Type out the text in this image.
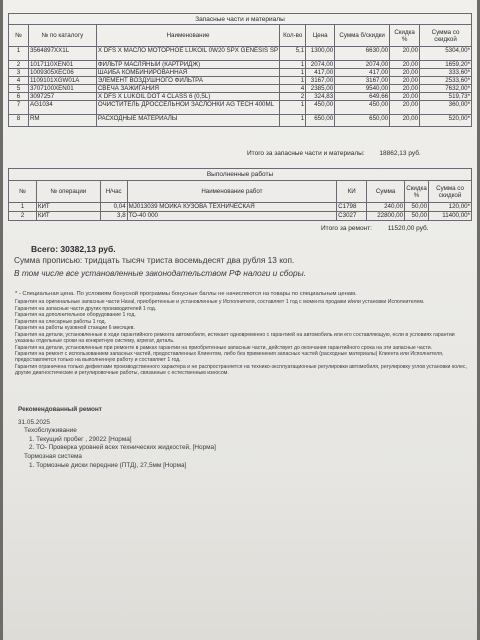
Запасные части и материалы							
№	№ по каталогу	Наименование	Кол-во	Цена	Сумма б/скидки	Скидка %	Сумма со скидкой
1	3564897XX1L	X DFS X МАСЛО МОТОРНОЕ LUKOIL 0W20 SPX GENESIS SP	5,1	1300,00	6630,00	20,00	5304,00*
2	1017110XEN01	ФИЛЬТР МАСЛЯНЫЙ (КАРТРИДЖ)	1	2074,00	2074,00	20,00	1659,20*
3	1009305XEC06	ШАЙБА КОМБИНИРОВАННАЯ	1	417,00	417,00	20,00	333,60*
4	1109101XGW01A	ЭЛЕМЕНТ ВОЗДУШНОГО ФИЛЬТРА	1	3167,00	3167,00	20,00	2533,60*
5	3707100XEN01	СВЕЧА ЗАЖИГАНИЯ	4	2385,00	9540,00	20,00	7632,00*
6	3097257	X DFS X LUKOIL DOT 4 CLASS 6 (0,5L)	2	324,83	649,66	20,00	519,73*
7	AG1034	ОЧИСТИТЕЛЬ ДРОССЕЛЬНОЙ ЗАСЛОНКИ AG TECH 400ML	1	450,00	450,00	20,00	360,00*
8	RM	РАСХОДНЫЕ МАТЕРИАЛЫ	1	650,00	650,00	20,00	520,00*
Итого за запасные части и материалы: 18862,13 руб.
Выполненные работы							
№	№ операции	Н/час	Наименование работ	КИ	Сумма	Скидка %	Сумма со скидкой
1	КИТ	0,04	MJ013039 МОЙКА КУЗОВА ТЕХНИЧЕСКАЯ	C1798	240,00	50,00	120,00*
2	КИТ	3,8	ТО-40 000	C3027	22800,00	50,00	11400,00*
Итого за ремонт: 11520,00 руб.
Всего: 30382,13 руб.
Сумма прописью: тридцать тысяч триста восемьдесят два рубля 13 коп.
В том числе все установленные законодательством РФ налоги и сборы.

* - Специальная цена. По условиям бонусной программы бонусные баллы не начисляются на товары по специальным ценам.

Гарантия на оригинальные запасные части Haval, приобретенные и установленные у Исполнителя, составляет 1 год с момента продажи и/или установки Исполнителем.

Гарантия на запасные части других производителей 1 год.

Гарантия на дополнительное оборудование 1 год.

Гарантия на слесарные работы 1 год.

Гарантия на работы кузовной станции 6 месяцев.

Гарантия на детали, установленные в ходе гарантийного ремонта автомобиля, истекает одновременно с гарантией на автомобиль или его составляющую, если в условиях гарантии указаны отдельные сроки на конкретную систему, агрегат, деталь.

Гарантия на детали, установленные при ремонте в рамках гарантии на приобретенные запасные части, действует до окончания гарантийного срока на эти запасные части.

Гарантия на ремонт с использованием запасных частей, предоставленных Клиентом, либо без применения запасных частей (расходные материалы) Клиента или Исполнителя, предоставляется только на выполненную работу и составляет 1 год.

Гарантия ограничена только дефектами производственного характера и не распространяется на технико-эксплуатационные регулировки автомобиля, регулировку углов установки колес, другие диагностические и регулировочные работы, связанные с естественным износом.

Рекомендованный ремонт
31.05.2025
Техобслуживание
1. Текущий пробег , 29022 [Норма]
2. ТО- Проверка уровней всех технических жидкостей, [Норма]
Тормозная система
1. Тормозные диски передние (ПТД), 27,5мм [Норма]
